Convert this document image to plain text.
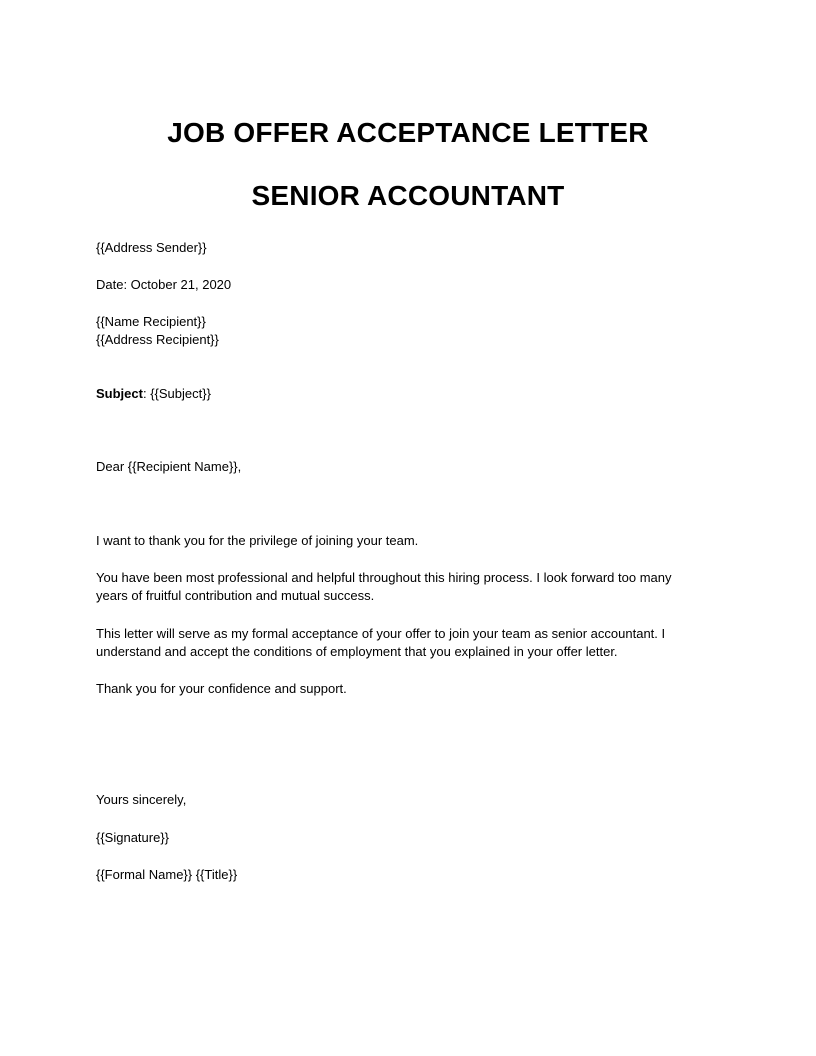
JOB OFFER ACCEPTANCE LETTER
SENIOR ACCOUNTANT
{{Address Sender}}
Date: October 21, 2020
{{Name Recipient}}
{{Address Recipient}}
Subject: {{Subject}}
Dear {{Recipient Name}},
I want to thank you for the privilege of joining your team.
You have been most professional and helpful throughout this hiring process. I look forward too many years of fruitful contribution and mutual success.
This letter will serve as my formal acceptance of your offer to join your team as senior accountant. I understand and accept the conditions of employment that you explained in your offer letter.
Thank you for your confidence and support.
Yours sincerely,
{{Signature}}
{{Formal Name}} {{Title}}
